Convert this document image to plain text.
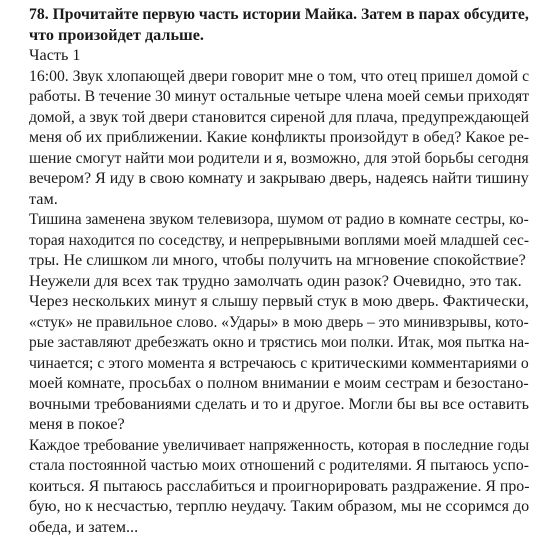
78. Прочитайте первую часть истории Майка. Затем в парах обсудите,
что произойдет дальше.
Часть 1
16:00. Звук хлопающей двери говорит мне о том, что отец пришел домой с
работы. В течение 30 минут остальные четыре члена моей семьи приходят
домой, а звук той двери становится сиреной для плача, предупреждающей
меня об их приближении. Какие конфликты произойдут в обед? Какое ре-
шение смогут найти мои родители и я, возможно, для этой борьбы сегодня
вечером? Я иду в свою комнату и закрываю дверь, надеясь найти тишину
там.
Тишина заменена звуком телевизора, шумом от радио в комнате сестры, ко-
торая находится по соседству, и непрерывными воплями моей младшей сес-
тры. Не слишком ли много, чтобы получить на мгновение спокойствие?
Неужели для всех так трудно замолчать один разок? Очевидно, это так.
Через нескольких минут я слышу первый стук в мою дверь. Фактически,
«стук» не правильное слово. «Удары» в мою дверь – это минивзрывы, кото-
рые заставляют дребезжать окно и трястись мои полки. Итак, моя пытка на-
чинается; с этого момента я встречаюсь с критическими комментариями о
моей комнате, просьбах о полном внимании е моим сестрам и безостано-
вочными требованиями сделать и то и другое. Могли бы вы все оставить
меня в покое?
Каждое требование увеличивает напряженность, которая в последние годы
стала постоянной частью моих отношений с родителями. Я пытаюсь успо-
коиться. Я пытаюсь расслабиться и проигнорировать раздражение. Я про-
бую, но к несчастью, терплю неудачу. Таким образом, мы не ссоримся до
обеда, и затем...
